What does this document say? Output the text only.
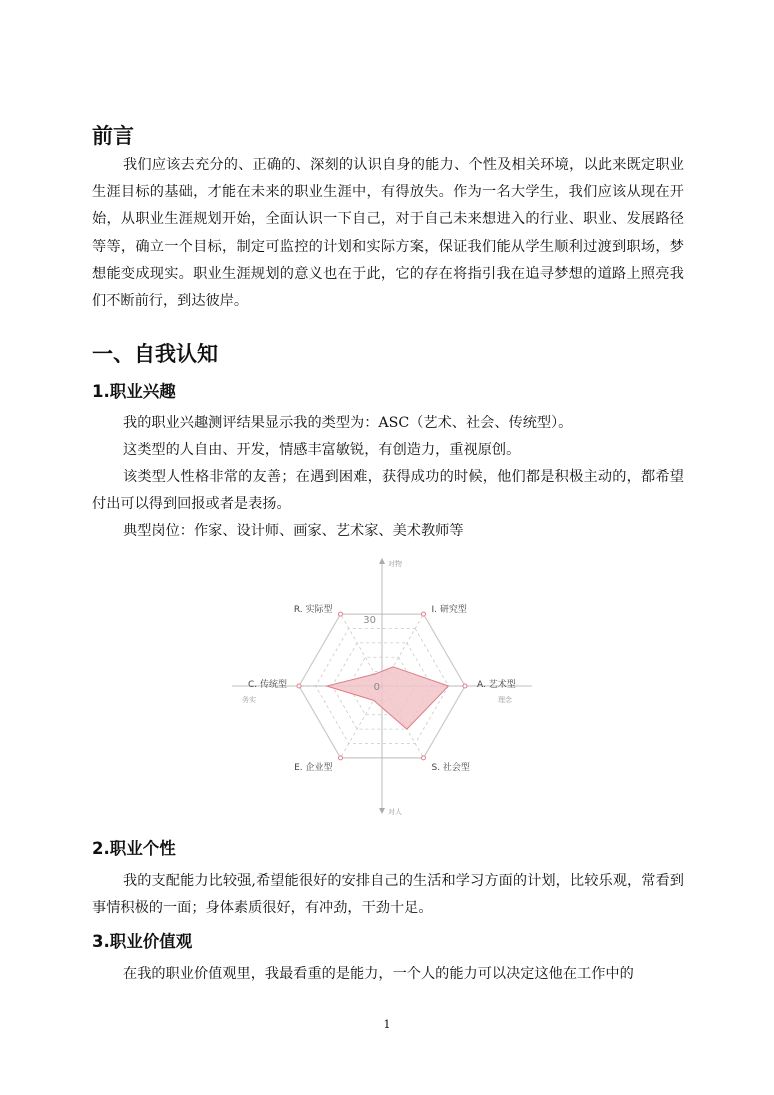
前言

我们应该去充分的、正确的、深刻的认识自身的能力、个性及相关环境，以此来既定职业生涯目标的基础，才能在未来的职业生涯中，有得放失。作为一名大学生，我们应该从现在开始，从职业生涯规划开始，全面认识一下自己，对于自己未来想进入的行业、职业、发展路径等等，确立一个目标，制定可监控的计划和实际方案，保证我们能从学生顺利过渡到职场，梦想能变成现实。职业生涯规划的意义也在于此，它的存在将指引我在追寻梦想的道路上照亮我们不断前行，到达彼岸。

一、自我认知
1.职业兴趣

我的职业兴趣测评结果显示我的类型为：ASC（艺术、社会、传统型）。

这类型的人自由、开发，情感丰富敏锐，有创造力，重视原创。

该类型人性格非常的友善；在遇到困难，获得成功的时候，他们都是积极主动的，都希望付出可以得到回报或者是表扬。

典型岗位：作家、设计师、画家、艺术家、美术教师等

I. 研究型
A. 艺术型
S. 社会型
E. 企业型
C. 传统型
R. 实际型
30
0
对物
对人
务实	理念
2.职业个性

我的支配能力比较强,希望能很好的安排自己的生活和学习方面的计划，比较乐观，常看到事情积极的一面；身体素质很好，有冲劲，干劲十足。

3.职业价值观

在我的职业价值观里，我最看重的是能力，一个人的能力可以决定这他在工作中的

1
